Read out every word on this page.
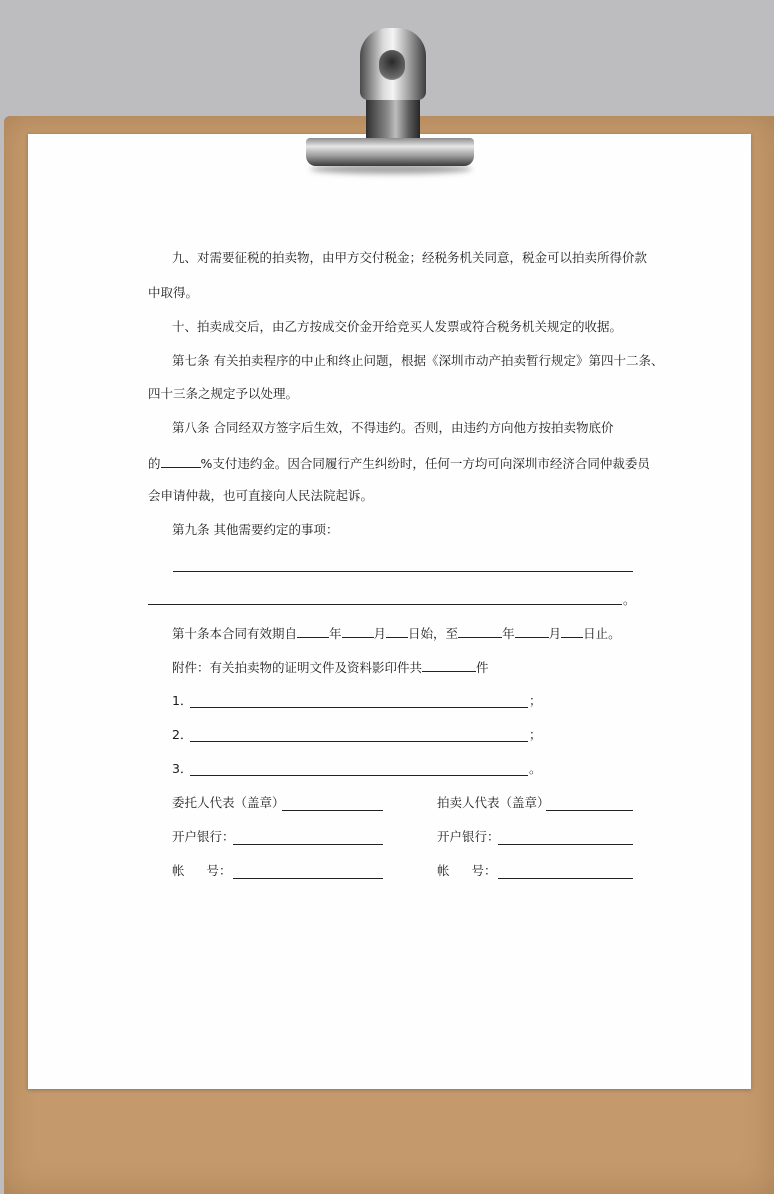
九、对需要征税的拍卖物，由甲方交付税金；经税务机关同意，税金可以拍卖所得价款
中取得。
十、拍卖成交后，由乙方按成交价金开给竞买人发票或符合税务机关规定的收据。
第七条 有关拍卖程序的中止和终止问题，根据《深圳市动产拍卖暂行规定》第四十二条、
四十三条之规定予以处理。
第八条 合同经双方签字后生效，不得违约。否则，由违约方向他方按拍卖物底价
的	%支付违约金。因合同履行产生纠纷时，任何一方均可向深圳市经济合同仲裁委员
会申请仲裁，也可直接向人民法院起诉。
第九条 其他需要约定的事项：
。
第十条本合同有效期自	年	月 日始，至	年	月 日止。
附件：有关拍卖物的证明文件及资料影印件共	件
1．	；
2．	；
3．	。
委托人代表（盖章）	拍卖人代表（盖章）
开户银行：	开户银行：
帐 号：	帐 号：
